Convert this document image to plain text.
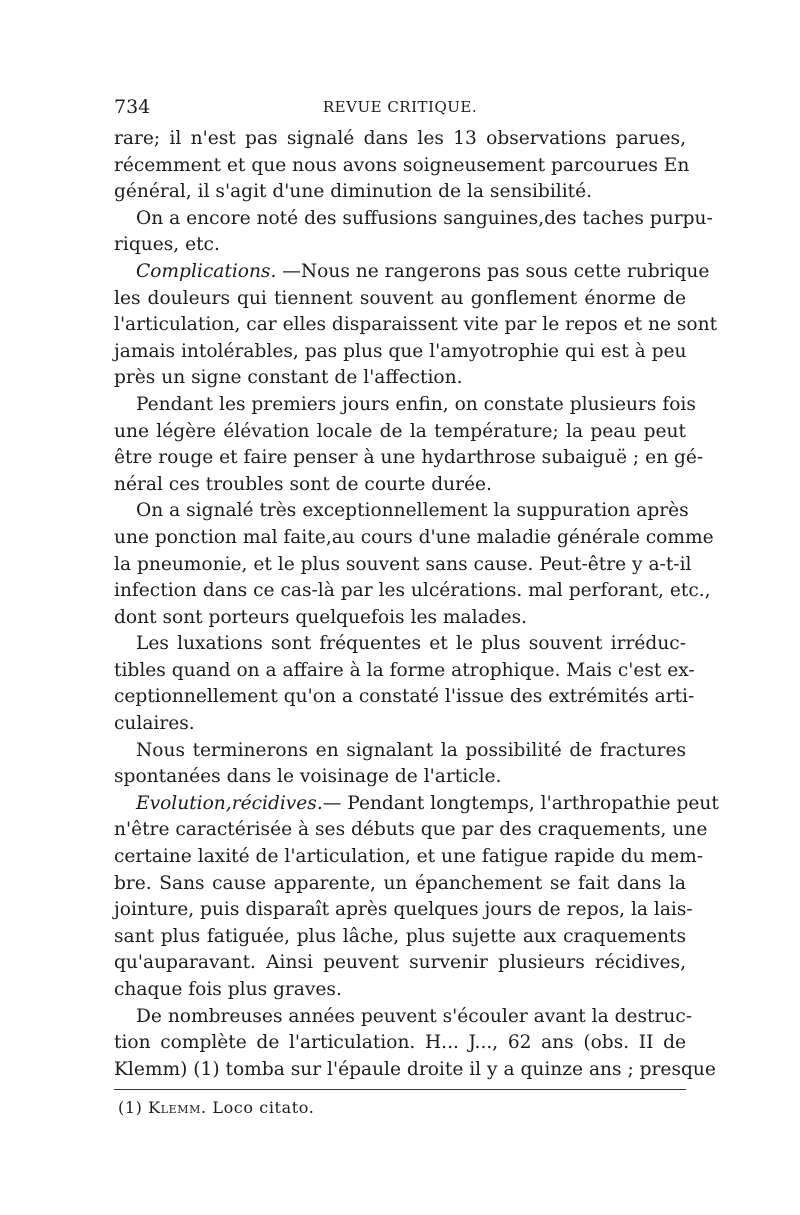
734	REVUE CRITIQUE.
rare; il n'est pas signalé dans les 13 observations parues,
récemment et que nous avons soigneusement parcourues En
général, il s'agit d'une diminution de la sensibilité.
On a encore noté des suffusions sanguines,des taches purpu-
riques, etc.
Complications. —Nous ne rangerons pas sous cette rubrique
les douleurs qui tiennent souvent au gonflement énorme de
l'articulation, car elles disparaissent vite par le repos et ne sont
jamais intolérables, pas plus que l'amyotrophie qui est à peu
près un signe constant de l'affection.
Pendant les premiers jours enfin, on constate plusieurs fois
une légère élévation locale de la température; la peau peut
être rouge et faire penser à une hydarthrose subaiguë ; en gé-
néral ces troubles sont de courte durée.
On a signalé très exceptionnellement la suppuration après
une ponction mal faite,au cours d'une maladie générale comme
la pneumonie, et le plus souvent sans cause. Peut-être y a-t-il
infection dans ce cas-là par les ulcérations. mal perforant, etc.,
dont sont porteurs quelquefois les malades.
Les luxations sont fréquentes et le plus souvent irréduc-
tibles quand on a affaire à la forme atrophique. Mais c'est ex-
ceptionnellement qu'on a constaté l'issue des extrémités arti-
culaires.
Nous terminerons en signalant la possibilité de fractures
spontanées dans le voisinage de l'article.
Evolution,récidives.— Pendant longtemps, l'arthropathie peut
n'être caractérisée à ses débuts que par des craquements, une
certaine laxité de l'articulation, et une fatigue rapide du mem-
bre. Sans cause apparente, un épanchement se fait dans la
jointure, puis disparaît après quelques jours de repos, la lais-
sant plus fatiguée, plus lâche, plus sujette aux craquements
qu'auparavant. Ainsi peuvent survenir plusieurs récidives,
chaque fois plus graves.
De nombreuses années peuvent s'écouler avant la destruc-
tion complète de l'articulation. H... J..., 62 ans (obs. II de
Klemm) (1) tomba sur l'épaule droite il y a quinze ans ; presque
(1) Klemm. Loco citato.
